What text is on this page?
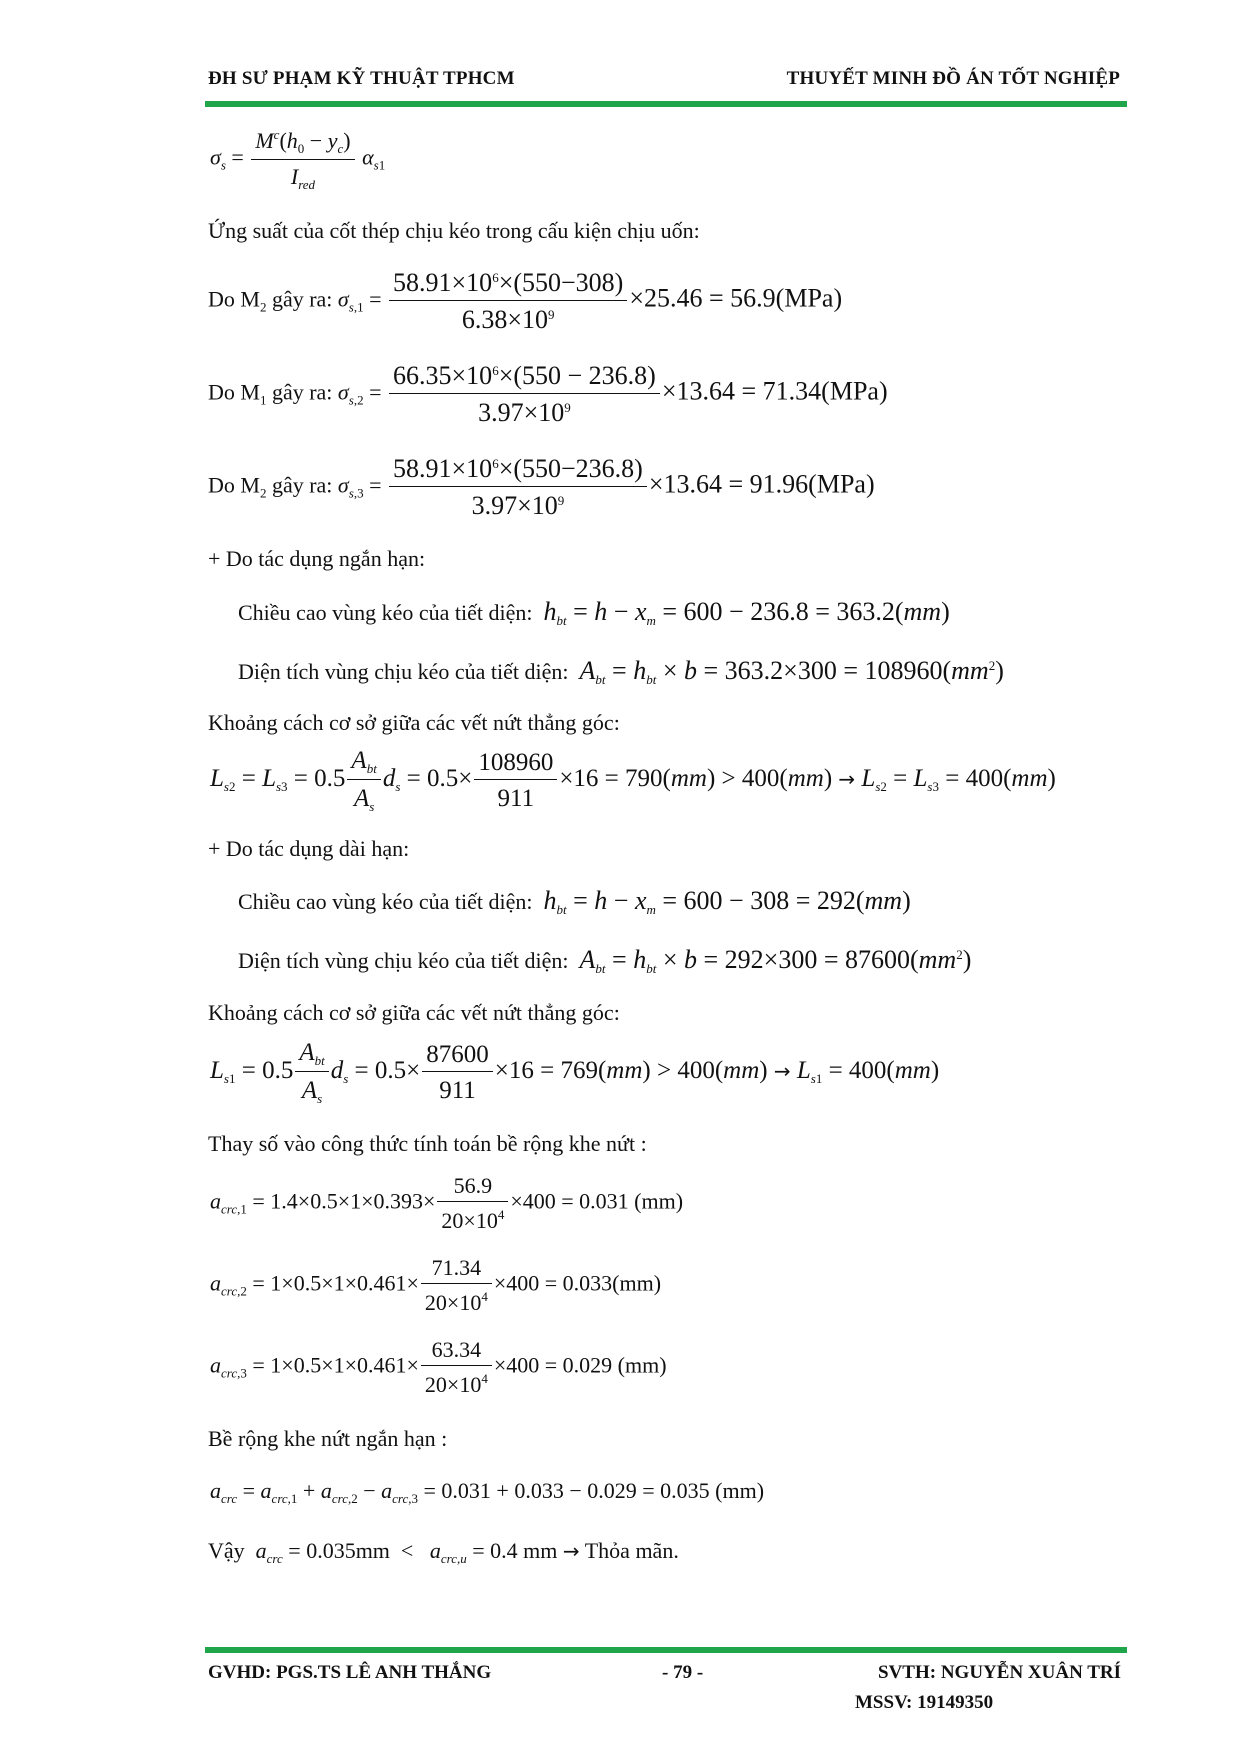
ĐH SƯ PHẠM KỸ THUẬT TPHCM	THUYẾT MINH ĐỒ ÁN TỐT NGHIỆP
$\sigma_s = \frac{M^c(h_0 - y_c)}{I_{red}} \alpha_{s1}$
Ứng suất của cốt thép chịu kéo trong cấu kiện chịu uốn:
Do $M_2$ gây ra: $\sigma_{s,1} = \frac{58.91\times 10^6\times(550-308)}{6.38\times 10^9} \times 25.46 = 56.9(MPa)$
Do $M_1$ gây ra: $\sigma_{s,2} = \frac{66.35\times 10^6\times(550 - 236.8)}{3.97\times 10^9} \times 13.64 = 71.34(MPa)$
Do $M_2$ gây ra: $\sigma_{s,3} = \frac{58.91\times 10^6\times(550-236.8)}{3.97\times 10^9} \times 13.64 = 91.96(MPa)$
+ Do tác dụng ngắn hạn:
Chiều cao vùng kéo của tiết diện: $h_{bt} = h - x_m = 600 - 236.8 = 363.2(mm)$
Diện tích vùng chịu kéo của tiết diện: $A_{bt} = h_{bt} \times b = 363.2\times 300 = 108960(mm^2)$
Khoảng cách cơ sở giữa các vết nứt thẳng góc:
$L_{s2} = L_{s3} = 0.5 \frac{A_{bt}}{A_s} d_s = 0.5\times \frac{108960}{911} \times 16 = 790(mm) > 400(mm) \to L_{s2} = L_{s3} = 400(mm)$
+ Do tác dụng dài hạn:
Chiều cao vùng kéo của tiết diện: $h_{bt} = h - x_m = 600 - 308 = 292(mm)$
Diện tích vùng chịu kéo của tiết diện: $A_{bt} = h_{bt} \times b = 292\times 300 = 87600(mm^2)$
Khoảng cách cơ sở giữa các vết nứt thẳng góc:
$L_{s1} = 0.5 \frac{A_{bt}}{A_s} d_s = 0.5\times \frac{87600}{911} \times 16 = 769(mm) > 400(mm) \to L_{s1} = 400(mm)$
Thay số vào công thức tính toán bề rộng khe nứt :
$a_{crc,1} = 1.4\times 0.5\times 1\times 0.393\times \frac{56.9}{20\times 10^4} \times 400 = 0.031$ (mm)
$a_{crc,2} = 1\times 0.5\times 1\times 0.461\times \frac{71.34}{20\times 10^4} \times 400 = 0.033(mm)$
$a_{crc,3} = 1\times 0.5\times 1\times 0.461\times \frac{63.34}{20\times 10^4} \times 400 = 0.029$ (mm)
Bề rộng khe nứt ngắn hạn :
$a_{crc} = a_{crc,1} + a_{crc,2} - a_{crc,3} = 0.031 + 0.033 - 0.029 = 0.035$ (mm)
Vậy $a_{crc} = 0.035mm < a_{crc,u} = 0.4$ mm → Thỏa mãn.
GVHD: PGS.TS LÊ ANH THẮNG	- 79 -	SVTH: NGUYỄN XUÂN TRÍ
MSSV: 19149350
